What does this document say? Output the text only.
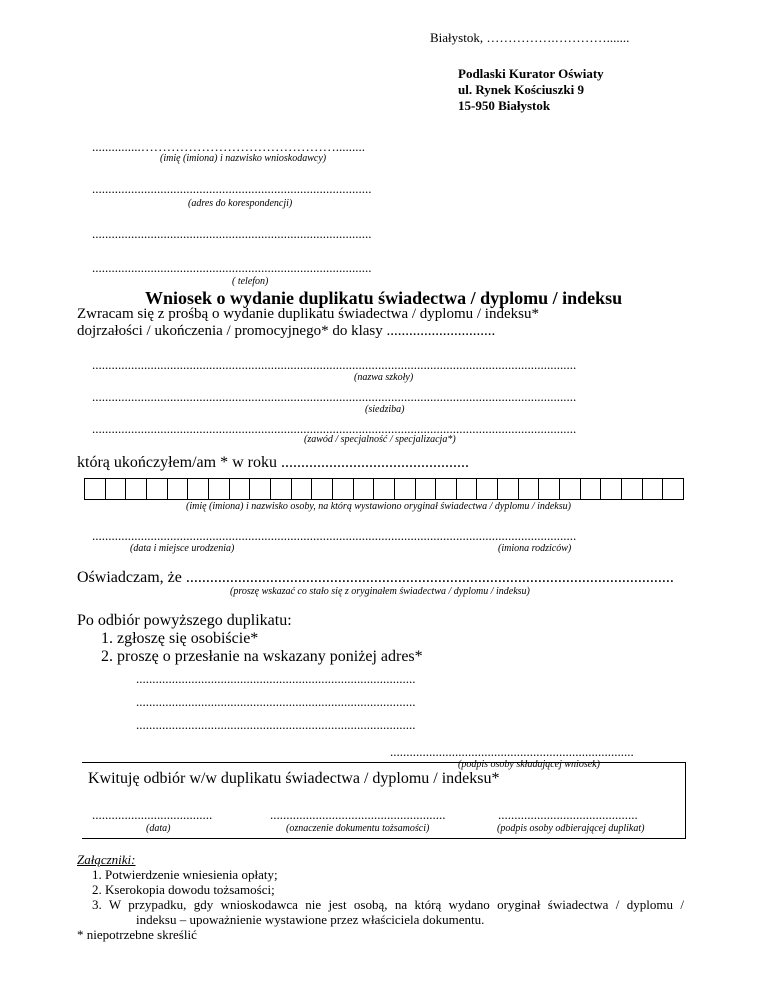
Białystok, …………….………….......
Podlaski Kurator Oświaty
ul. Rynek Kościuszki 9
15-950 Białystok
...............……………………………………….........
(imię (imiona) i nazwisko wnioskodawcy)
......................................................................................
(adres do korespondencji)
......................................................................................
......................................................................................
( telefon)
Wniosek o wydanie duplikatu świadectwa / dyplomu / indeksu
Zwracam się z prośbą o wydanie duplikatu świadectwa / dyplomu / indeksu*
dojrzałości / ukończenia / promocyjnego* do klasy .............................
.....................................................................................................................................................
(nazwa szkoły)
.....................................................................................................................................................
(siedziba)
.....................................................................................................................................................
(zawód / specjalność / specjalizacja*)
którą ukończyłem/am * w roku ...............................................
(imię (imiona) i nazwisko osoby, na którą wystawiono oryginał świadectwa / dyplomu / indeksu)
.....................................................................................................................................................
(data i miejsce urodzenia)	(imiona rodziców)
Oświadczam, że ..........................................................................................................................
(proszę wskazać co stało się z oryginałem świadectwa / dyplomu / indeksu)
Po odbiór powyższego duplikatu:
1. zgłoszę się osobiście*
2. proszę o przesłanie na wskazany poniżej adres*
......................................................................................
......................................................................................
......................................................................................
...........................................................................
(podpis osoby składającej wniosek)
Kwituję odbiór w/w duplikatu świadectwa / dyplomu / indeksu*
.....................................
(data)
......................................................
(oznaczenie dokumentu tożsamości)
...........................................
(podpis osoby odbierającej duplikat)
Załączniki:
1. Potwierdzenie wniesienia opłaty;
2. Kserokopia dowodu tożsamości;
3. W przypadku, gdy wnioskodawca nie jest osobą, na którą wydano oryginał świadectwa / dyplomu /
indeksu – upoważnienie wystawione przez właściciela dokumentu.
* niepotrzebne skreślić
